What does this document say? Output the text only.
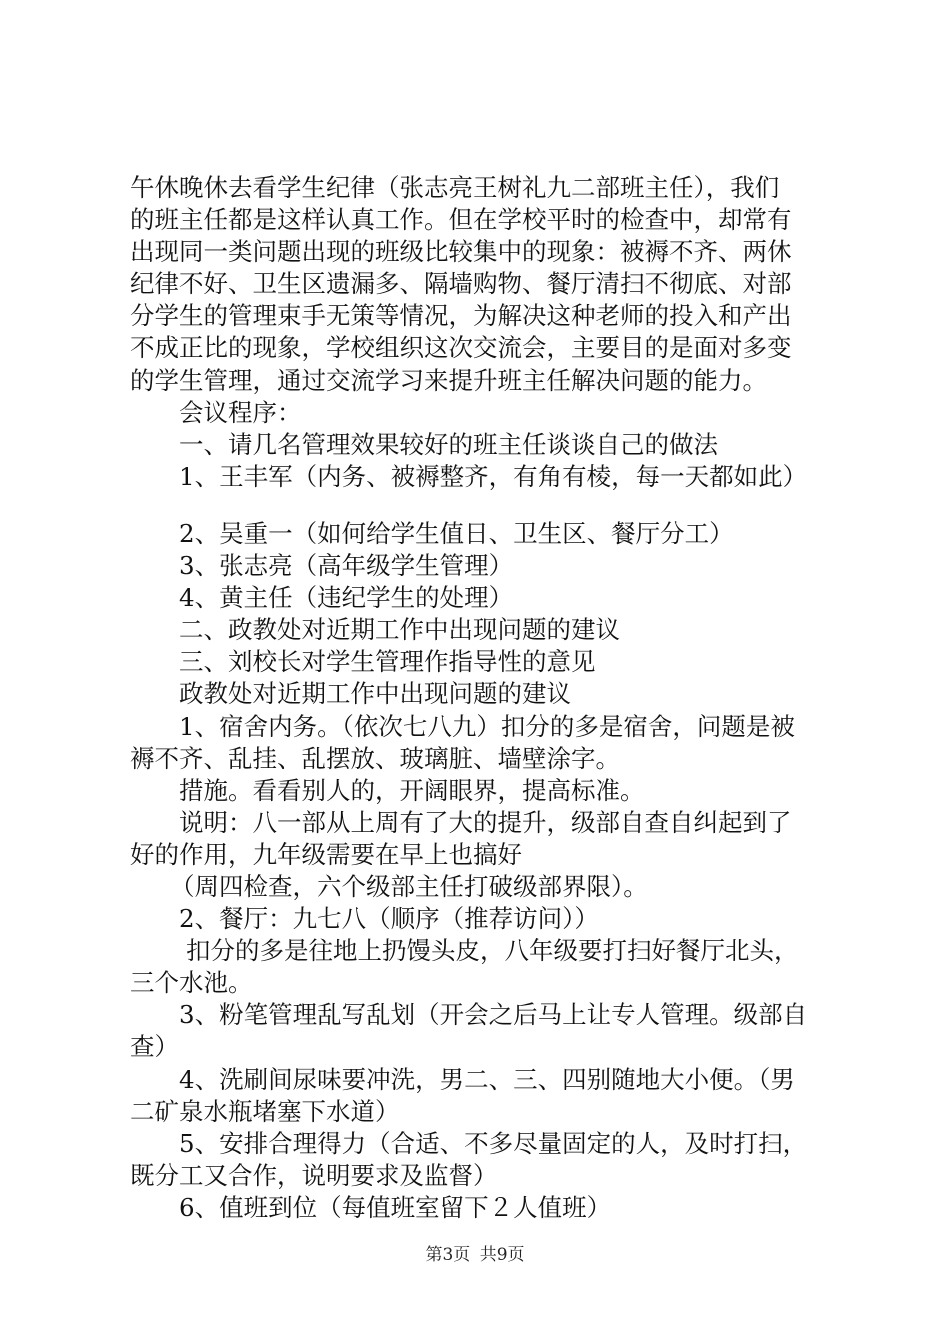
午休晚休去看学生纪律（张志亮王树礼九二部班主任），我们
的班主任都是这样认真工作。但在学校平时的检查中，却常有
出现同一类问题出现的班级比较集中的现象：被褥不齐、两休
纪律不好、卫生区遗漏多、隔墙购物、餐厅清扫不彻底、对部
分学生的管理束手无策等情况，为解决这种老师的投入和产出
不成正比的现象，学校组织这次交流会，主要目的是面对多变
的学生管理，通过交流学习来提升班主任解决问题的能力。
会议程序：
一、请几名管理效果较好的班主任谈谈自己的做法
1、王丰军（内务、被褥整齐，有角有棱，每一天都如此）
2、吴重一（如何给学生值日、卫生区、餐厅分工）
3、张志亮（高年级学生管理）
4、黄主任（违纪学生的处理）
二、政教处对近期工作中出现问题的建议
三、刘校长对学生管理作指导性的意见
政教处对近期工作中出现问题的建议
1、宿舍内务。（依次七八九）扣分的多是宿舍，问题是被
褥不齐、乱挂、乱摆放、玻璃脏、墙壁涂字。
措施。看看别人的，开阔眼界，提高标准。
说明：八一部从上周有了大的提升，级部自查自纠起到了
好的作用，九年级需要在早上也搞好
（周四检查，六个级部主任打破级部界限）。
2、餐厅：九七八（顺序（推荐访问））
扣分的多是往地上扔馒头皮，八年级要打扫好餐厅北头，
三个水池。
3、粉笔管理乱写乱划（开会之后马上让专人管理。级部自
查）
4、洗刷间尿味要冲洗，男二、三、四别随地大小便。（男
二矿泉水瓶堵塞下水道）
5、安排合理得力（合适、不多尽量固定的人，及时打扫，
既分工又合作，说明要求及监督）
6、值班到位（每值班室留下２人值班）
第3页 共9页
